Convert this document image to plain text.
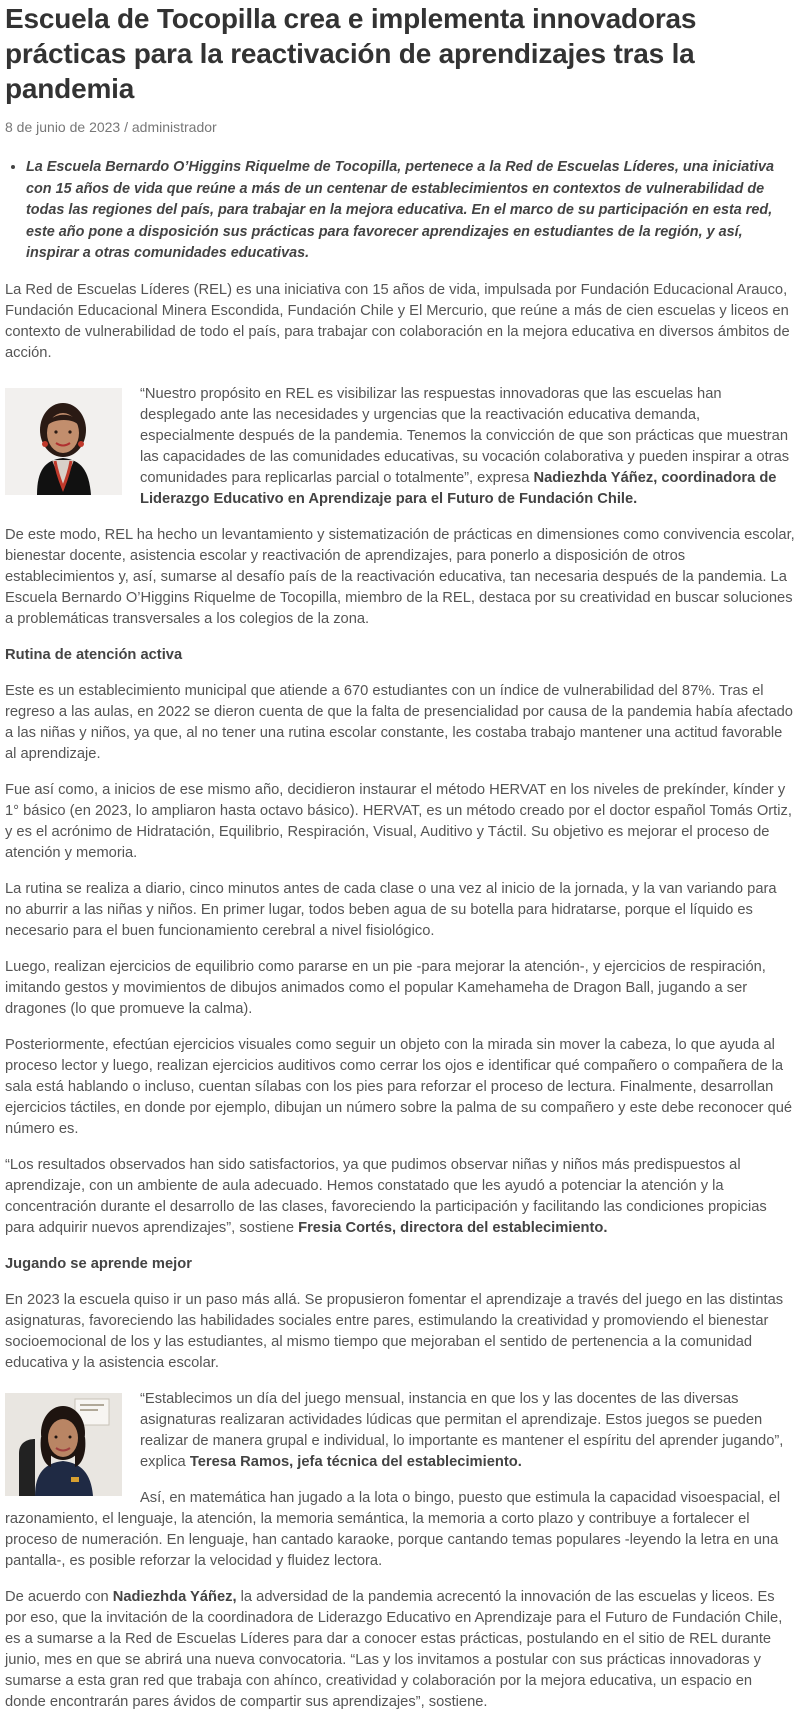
Escuela de Tocopilla crea e implementa innovadoras prácticas para la reactivación de aprendizajes tras la pandemia
8 de junio de 2023 / administrador
• La Escuela Bernardo O’Higgins Riquelme de Tocopilla, pertenece a la Red de Escuelas Líderes, una iniciativa con 15 años de vida que reúne a más de un centenar de establecimientos en contextos de vulnerabilidad de todas las regiones del país, para trabajar en la mejora educativa. En el marco de su participación en esta red, este año pone a disposición sus prácticas para favorecer aprendizajes en estudiantes de la región, y así, inspirar a otras comunidades educativas.

La Red de Escuelas Líderes (REL) es una iniciativa con 15 años de vida, impulsada por Fundación Educacional Arauco, Fundación Educacional Minera Escondida, Fundación Chile y El Mercurio, que reúne a más de cien escuelas y liceos en contexto de vulnerabilidad de todo el país, para trabajar con colaboración en la mejora educativa en diversos ámbitos de acción.

“Nuestro propósito en REL es visibilizar las respuestas innovadoras que las escuelas han desplegado ante las necesidades y urgencias que la reactivación educativa demanda, especialmente después de la pandemia. Tenemos la convicción de que son prácticas que muestran las capacidades de las comunidades educativas, su vocación colaborativa y pueden inspirar a otras comunidades para replicarlas parcial o totalmente”, expresa Nadiezhda Yáñez, coordinadora de Liderazgo Educativo en Aprendizaje para el Futuro de Fundación Chile.

De este modo, REL ha hecho un levantamiento y sistematización de prácticas en dimensiones como convivencia escolar, bienestar docente, asistencia escolar y reactivación de aprendizajes, para ponerlo a disposición de otros establecimientos y, así, sumarse al desafío país de la reactivación educativa, tan necesaria después de la pandemia. La Escuela Bernardo O’Higgins Riquelme de Tocopilla, miembro de la REL, destaca por su creatividad en buscar soluciones a problemáticas transversales a los colegios de la zona.

Rutina de atención activa

Este es un establecimiento municipal que atiende a 670 estudiantes con un índice de vulnerabilidad del 87%. Tras el regreso a las aulas, en 2022 se dieron cuenta de que la falta de presencialidad por causa de la pandemia había afectado a las niñas y niños, ya que, al no tener una rutina escolar constante, les costaba trabajo mantener una actitud favorable al aprendizaje.

Fue así como, a inicios de ese mismo año, decidieron instaurar el método HERVAT en los niveles de prekínder, kínder y 1° básico (en 2023, lo ampliaron hasta octavo básico). HERVAT, es un método creado por el doctor español Tomás Ortiz, y es el acrónimo de Hidratación, Equilibrio, Respiración, Visual, Auditivo y Táctil. Su objetivo es mejorar el proceso de atención y memoria.

La rutina se realiza a diario, cinco minutos antes de cada clase o una vez al inicio de la jornada, y la van variando para no aburrir a las niñas y niños. En primer lugar, todos beben agua de su botella para hidratarse, porque el líquido es necesario para el buen funcionamiento cerebral a nivel fisiológico.

Luego, realizan ejercicios de equilibrio como pararse en un pie -para mejorar la atención-, y ejercicios de respiración, imitando gestos y movimientos de dibujos animados como el popular Kamehameha de Dragon Ball, jugando a ser dragones (lo que promueve la calma).

Posteriormente, efectúan ejercicios visuales como seguir un objeto con la mirada sin mover la cabeza, lo que ayuda al proceso lector y luego, realizan ejercicios auditivos como cerrar los ojos e identificar qué compañero o compañera de la sala está hablando o incluso, cuentan sílabas con los pies para reforzar el proceso de lectura. Finalmente, desarrollan ejercicios táctiles, en donde por ejemplo, dibujan un número sobre la palma de su compañero y este debe reconocer qué número es.

“Los resultados observados han sido satisfactorios, ya que pudimos observar niñas y niños más predispuestos al aprendizaje, con un ambiente de aula adecuado. Hemos constatado que les ayudó a potenciar la atención y la concentración durante el desarrollo de las clases, favoreciendo la participación y facilitando las condiciones propicias para adquirir nuevos aprendizajes”, sostiene Fresia Cortés, directora del establecimiento.

Jugando se aprende mejor

En 2023 la escuela quiso ir un paso más allá. Se propusieron fomentar el aprendizaje a través del juego en las distintas asignaturas, favoreciendo las habilidades sociales entre pares, estimulando la creatividad y promoviendo el bienestar socioemocional de los y las estudiantes, al mismo tiempo que mejoraban el sentido de pertenencia a la comunidad educativa y la asistencia escolar.

“Establecimos un día del juego mensual, instancia en que los y las docentes de las diversas asignaturas realizaran actividades lúdicas que permitan el aprendizaje. Estos juegos se pueden realizar de manera grupal e individual, lo importante es mantener el espíritu del aprender jugando”, explica Teresa Ramos, jefa técnica del establecimiento.

Así, en matemática han jugado a la lota o bingo, puesto que estimula la capacidad visoespacial, el razonamiento, el lenguaje, la atención, la memoria semántica, la memoria a corto plazo y contribuye a fortalecer el proceso de numeración. En lenguaje, han cantado karaoke, porque cantando temas populares -leyendo la letra en una pantalla-, es posible reforzar la velocidad y fluidez lectora.

De acuerdo con Nadiezhda Yáñez, la adversidad de la pandemia acrecentó la innovación de las escuelas y liceos. Es por eso, que la invitación de la coordinadora de Liderazgo Educativo en Aprendizaje para el Futuro de Fundación Chile, es a sumarse a la Red de Escuelas Líderes para dar a conocer estas prácticas, postulando en el sitio de REL durante junio, mes en que se abrirá una nueva convocatoria. “Las y los invitamos a postular con sus prácticas innovadoras y sumarse a esta gran red que trabaja con ahínco, creatividad y colaboración por la mejora educativa, un espacio en donde encontrarán pares ávidos de compartir sus aprendizajes”, sostiene.
